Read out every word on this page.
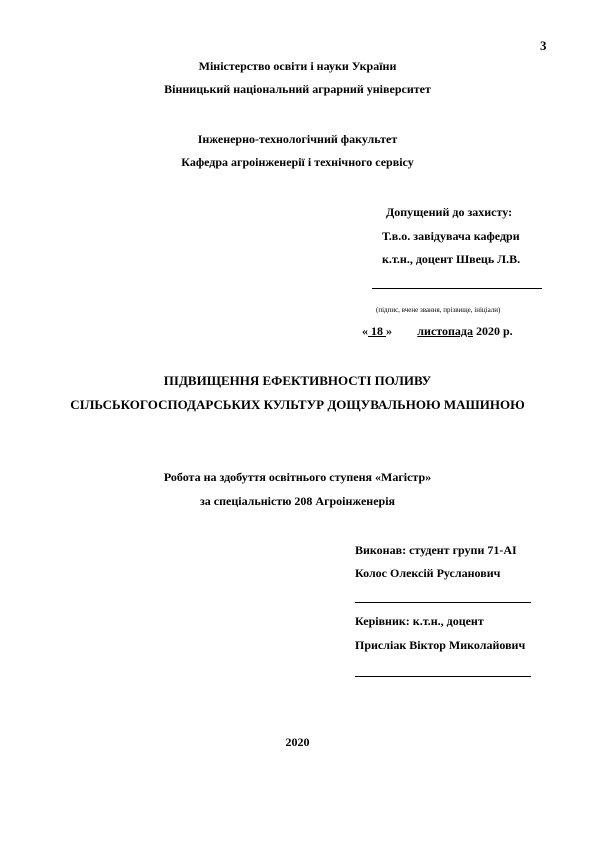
3
Міністерство освіти і науки України
Вінницький національний аграрний університет
Інженерно-технологічний факультет
Кафедра агроінженерії і технічного сервісу
Допущений до захисту:
Т.в.о. завідувача кафедри
к.т.н., доцент Швець Л.В.
(підпис, вчене звання, прізвище, ініціали)
« 18 » листопада 2020 р.
ПІДВИЩЕННЯ ЕФЕКТИВНОСТІ ПОЛИВУ
СІЛЬСЬКОГОСПОДАРСЬКИХ КУЛЬТУР ДОЩУВАЛЬНОЮ МАШИНОЮ
Робота на здобуття освітнього ступеня «Магістр»
за спеціальністю 208 Агроінженерія
Виконав: студент групи 71-АІ
Колос Олексій Русланович
Керівник: к.т.н., доцент
Присліак Віктор Миколайович
2020
